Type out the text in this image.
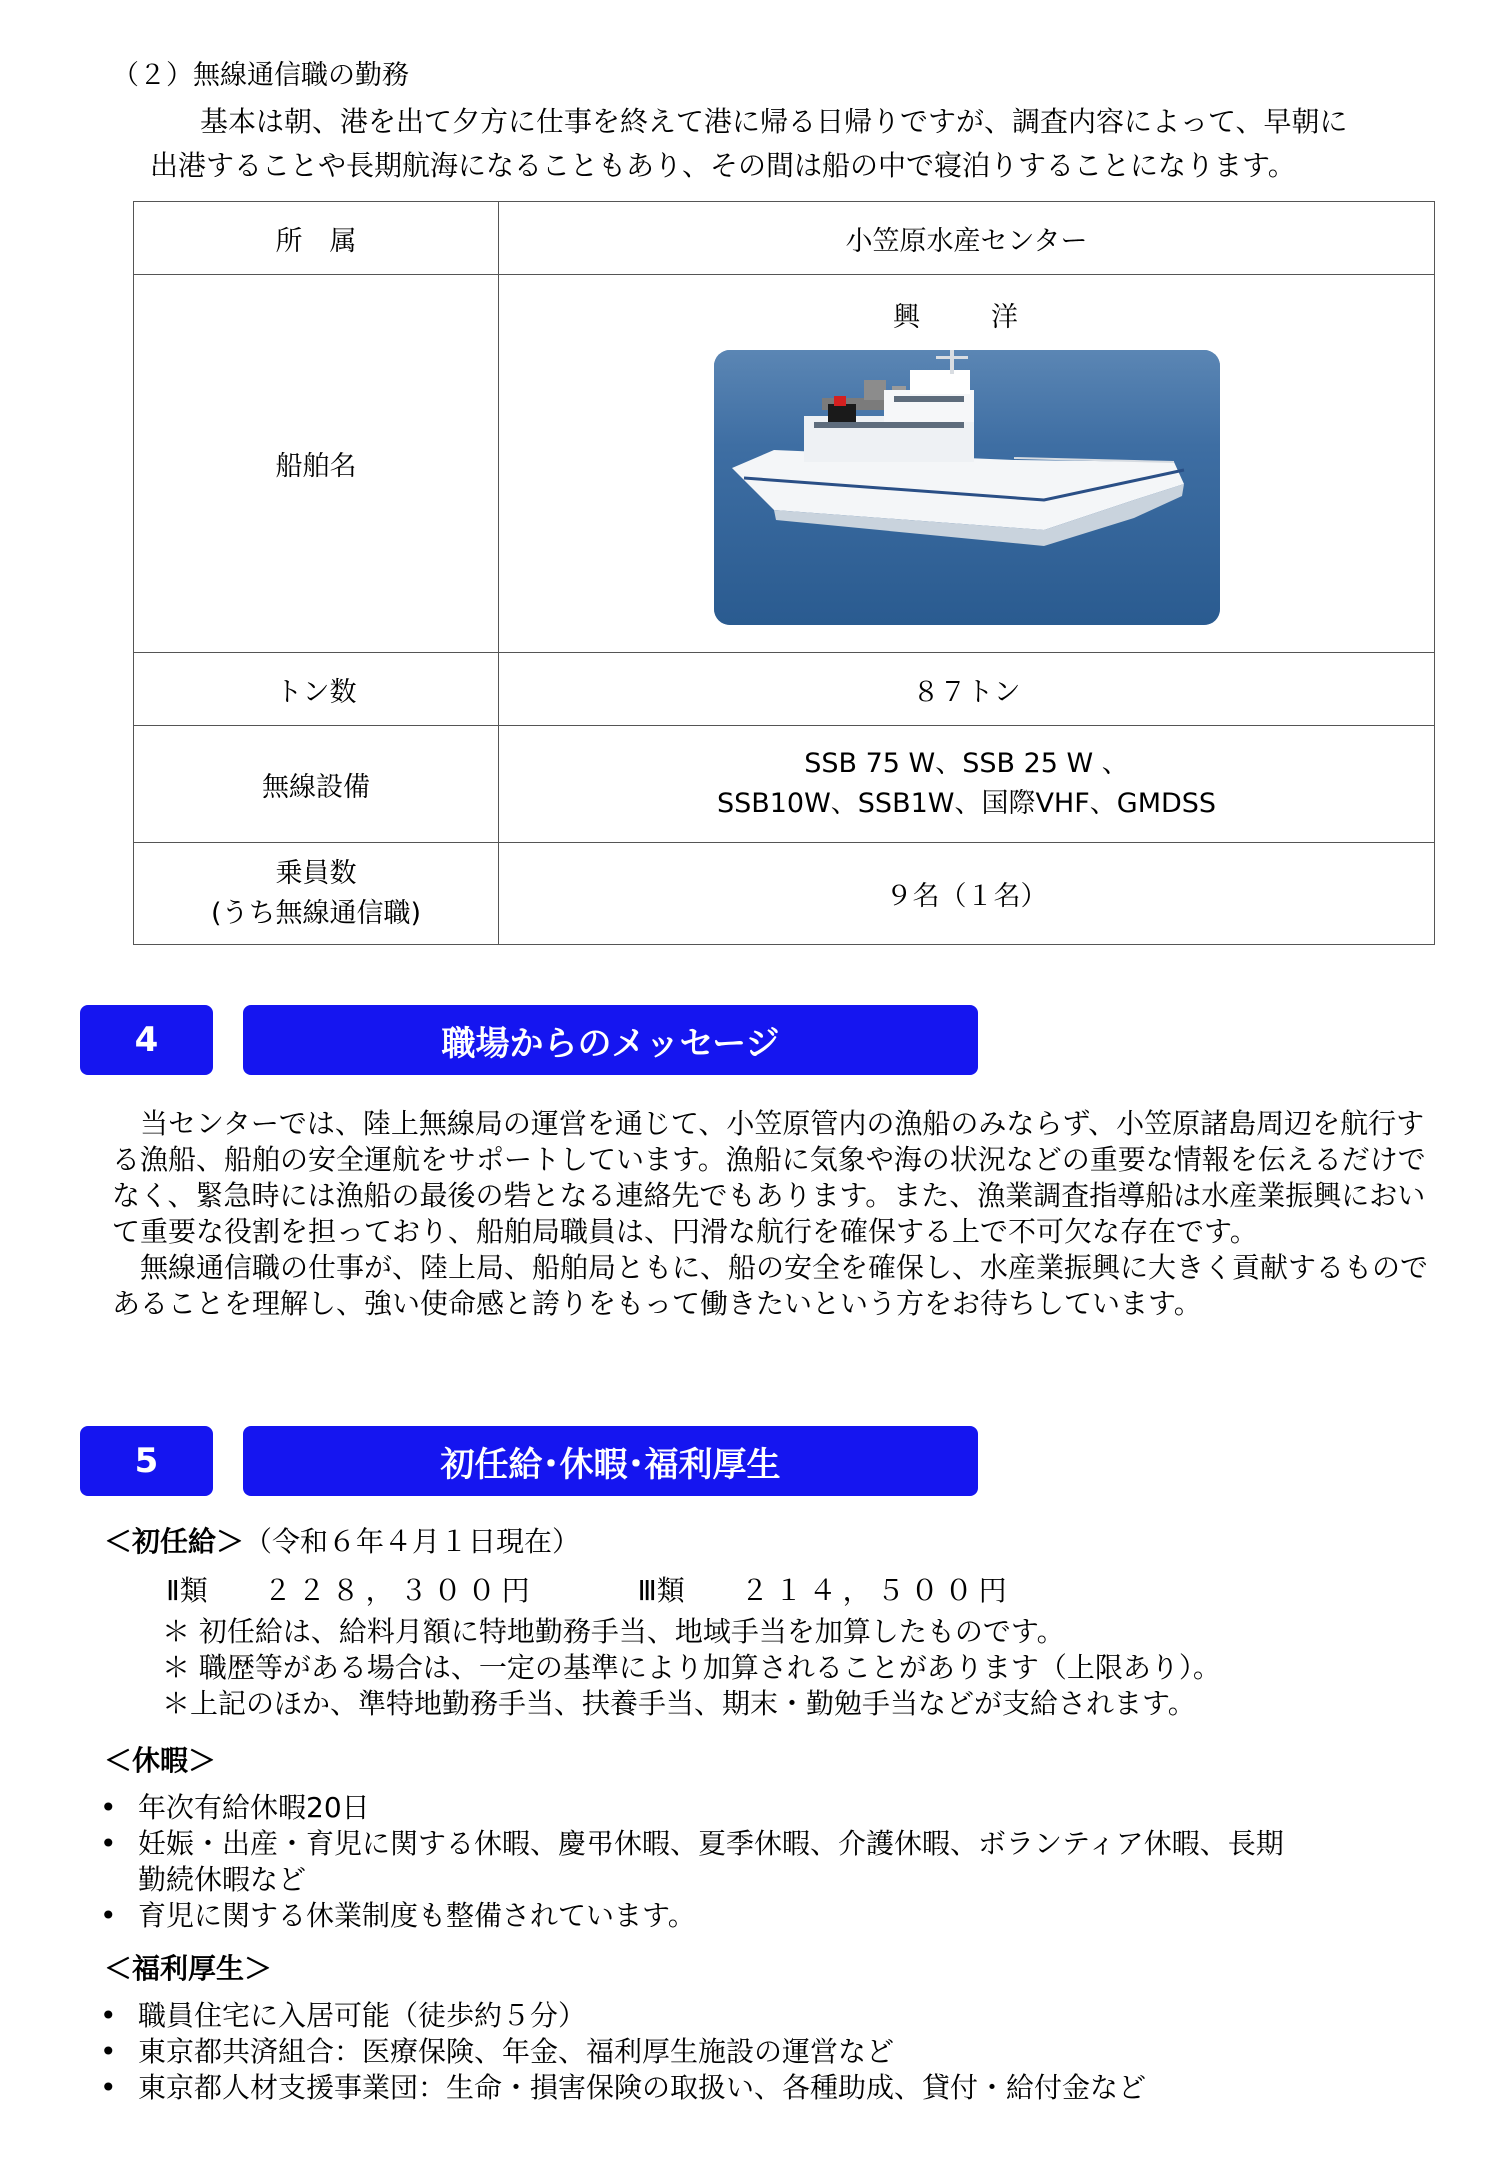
（２）無線通信職の勤務
基本は朝、港を出て夕方に仕事を終えて港に帰る日帰りですが、調査内容によって、早朝に
出港することや長期航海になることもあり、その間は船の中で寝泊りすることになります。
所　属	小笠原水産センター
船舶名	興　洋

トン数	８７トン
無線設備	SSB 75 W、SSB 25 W 、
SSB10W、SSB1W、国際VHF、GMDSS

乗員数
(うち無線通信職)	９名（１名）
4	職場からのメッセージ

当センターでは、陸上無線局の運営を通じて、小笠原管内の漁船のみならず、小笠原諸島周辺を航行する漁船、船舶の安全運航をサポートしています。漁船に気象や海の状況などの重要な情報を伝えるだけでなく、緊急時には漁船の最後の砦となる連絡先でもあります。また、漁業調査指導船は水産業振興において重要な役割を担っており、船舶局職員は、円滑な航行を確保する上で不可欠な存在です。

無線通信職の仕事が、陸上局、船舶局ともに、船の安全を確保し、水産業振興に大きく貢献するものであることを理解し、強い使命感と誇りをもって働きたいという方をお待ちしています。

5	初任給･休暇･福利厚生
＜初任給＞（令和６年４月１日現在）
Ⅱ類 ２２８，３００円	Ⅲ類 ２１４，５００円
＊ 初任給は、給料月額に特地勤務手当、地域手当を加算したものです。
＊ 職歴等がある場合は、一定の基準により加算されることがあります（上限あり）。
＊上記のほか、準特地勤務手当、扶養手当、期末・勤勉手当などが支給されます。
＜休暇＞
• 年次有給休暇20日
• 妊娠・出産・育児に関する休暇、慶弔休暇、夏季休暇、介護休暇、ボランティア休暇、長期
勤続休暇など
• 育児に関する休業制度も整備されています。
＜福利厚生＞
• 職員住宅に入居可能（徒歩約５分）
• 東京都共済組合：医療保険、年金、福利厚生施設の運営など
• 東京都人材支援事業団：生命・損害保険の取扱い、各種助成、貸付・給付金など
